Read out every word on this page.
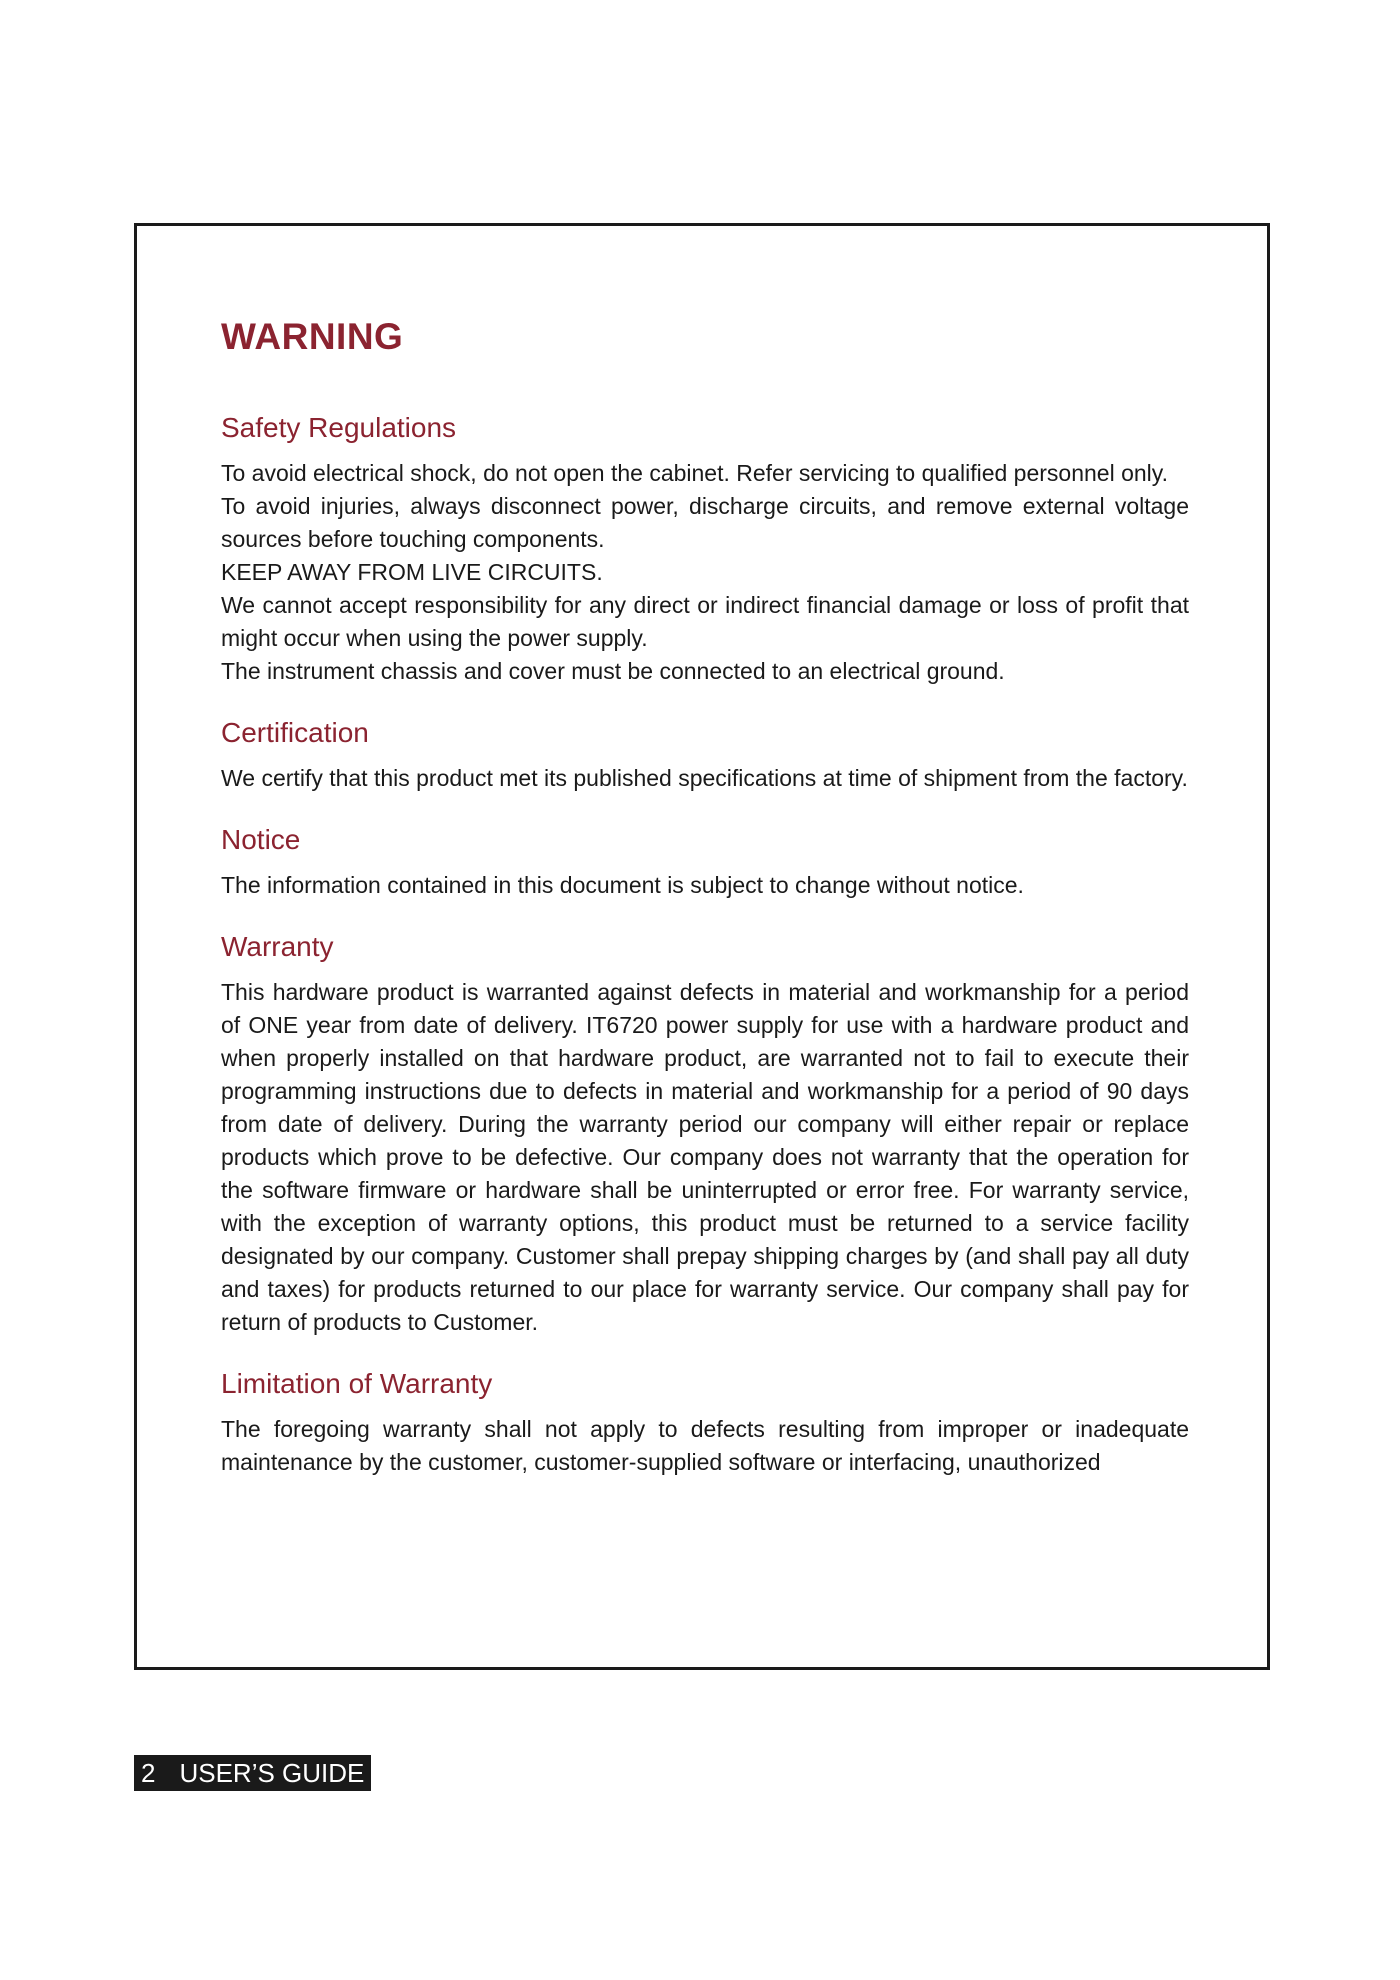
WARNING
Safety Regulations

To avoid electrical shock, do not open the cabinet. Refer servicing to qualified personnel only.

To avoid injuries, always disconnect power, discharge circuits, and remove external voltage sources before touching components.

KEEP AWAY FROM LIVE CIRCUITS.

We cannot accept responsibility for any direct or indirect financial damage or loss of profit that might occur when using the power supply.

The instrument chassis and cover must be connected to an electrical ground.

Certification

We certify that this product met its published specifications at time of shipment from the factory.

Notice

The information contained in this document is subject to change without notice.

Warranty

This hardware product is warranted against defects in material and workmanship for a period of ONE year from date of delivery. IT6720 power supply for use with a hardware product and when properly installed on that hardware product, are warranted not to fail to execute their programming instructions due to defects in material and workmanship for a period of 90 days from date of delivery. During the warranty period our company will either repair or replace products which prove to be defective. Our company does not warranty that the operation for the software firmware or hardware shall be uninterrupted or error free. For warranty service, with the exception of warranty options, this product must be returned to a service facility designated by our company. Customer shall prepay shipping charges by (and shall pay all duty and taxes) for products returned to our place for warranty service. Our company shall pay for return of products to Customer.

Limitation of Warranty

The foregoing warranty shall not apply to defects resulting from improper or inadequate maintenance by the customer, customer-supplied software or interfacing, unauthorized

2 USER’S GUIDE
